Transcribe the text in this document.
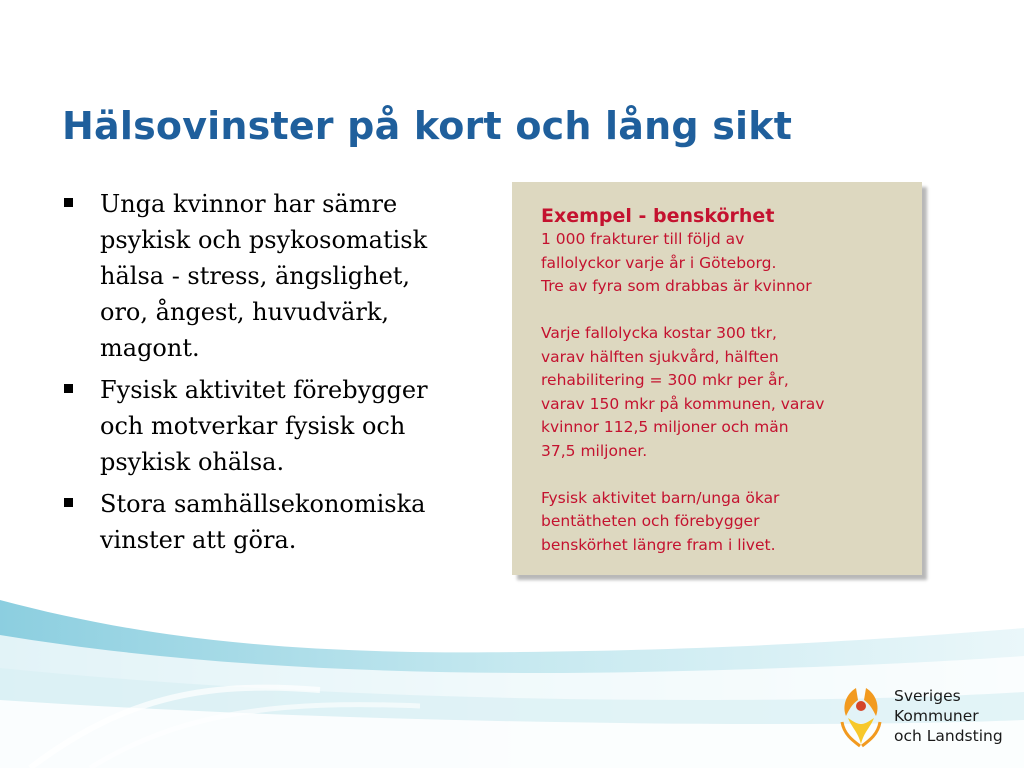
Hälsovinster på kort och lång sikt
Unga kvinnor har sämre
psykisk och psykosomatisk
hälsa - stress, ängslighet,
oro, ångest, huvudvärk,
magont.
Fysisk aktivitet förebygger
och motverkar fysisk och
psykisk ohälsa.
Stora samhällsekonomiska
vinster att göra.
Exempel - benskörhet
1 000 frakturer till följd av
fallolyckor varje år i Göteborg.
Tre av fyra som drabbas är kvinnor
Varje fallolycka kostar 300 tkr,
varav hälften sjukvård, hälften
rehabilitering = 300 mkr per år,
varav 150 mkr på kommunen, varav
kvinnor 112,5 miljoner och män
37,5 miljoner.
Fysisk aktivitet barn/unga ökar
bentätheten och förebygger
benskörhet längre fram i livet.
Sveriges
Kommuner
och Landsting
